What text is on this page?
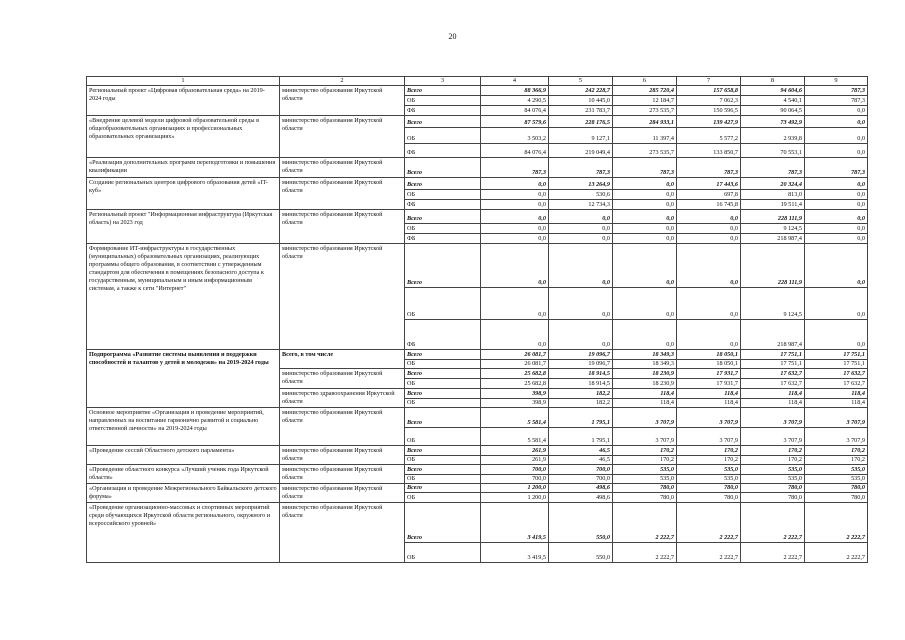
20
1	2	3	4	5	6	7	8	9
Региональный проект «Цифровая образовательная среда» на 2019-2024 годы	министерство образования Иркутской области	Всего	88 366,9	242 228,7	285 720,4	157 658,8	94 604,6	787,3
		ОБ	4 290,5	10 445,0	12 184,7	7 062,3	4 540,1	787,3
		ФБ	84 076,4	231 783,7	273 535,7	150 596,5	90 064,5	0,0
«Внедрение целевой модели цифровой образовательной среды в общеобразовательных организациях и профессиональных образовательных организациях»	министерство образования Иркутской области	Всего	87 579,6	228 176,5	284 933,1	139 427,9	73 492,9	0,0
		ОБ	3 503,2	9 127,1	11 397,4	5 577,2	2 939,8	0,0
		ФБ	84 076,4	219 049,4	273 535,7	133 850,7	70 553,1	0,0
«Реализация дополнительных программ переподготовки и повышения квалификации	министерство образования Иркутской области	Всего	787,3	787,3	787,3	787,3	787,3	787,3
Создание региональных центров цифрового образования детей «IT-куб»	министерство образования Иркутской области	Всего	0,0	13 264,9	0,0	17 443,6	20 324,4	0,0
		ОБ	0,0	530,6	0,0	697,8	813,0	0,0
		ФБ	0,0	12 734,3	0,0	16 745,8	19 511,4	0,0
Региональный проект "Информационная инфраструктура (Иркутская область) на 2023 год	министерство образования Иркутской области	Всего	0,0	0,0	0,0	0,0	228 111,9	0,0
		ОБ	0,0	0,0	0,0	0,0	9 124,5	0,0
		ФБ	0,0	0,0	0,0	0,0	218 987,4	0,0
Формирование ИТ-инфраструктуры в государственных (муниципальных) образовательных организациях, реализующих программы общего образования, в соответствии с утвержденным стандартом для обеспечения в помещениях безопасного доступа к государственным, муниципальным и иным информационным системам, а также к сети "Интернет"	министерство образования Иркутской области	Всего	0,0	0,0	0,0	0,0	228 111,9	0,0
		ОБ	0,0	0,0	0,0	0,0	9 124,5	0,0
		ФБ	0,0	0,0	0,0	0,0	218 987,4	0,0
Подпрограмма «Развитие системы выявления и поддержки способностей и талантов у детей и молодежи» на 2019-2024 годы	Всего, в том числе	Всего	26 081,7	19 096,7	18 349,3	18 050,1	17 751,1	17 751,1
		ОБ	26 081,7	19 096,7	18 349,3	18 050,1	17 751,1	17 751,1
	министерство образования Иркутской области	Всего	25 682,8	18 914,5	18 230,9	17 931,7	17 632,7	17 632,7
		ОБ	25 682,8	18 914,5	18 230,9	17 931,7	17 632,7	17 632,7
	министерство здравоохранения Иркутской области	Всего	398,9	182,2	118,4	118,4	118,4	118,4
		ОБ	398,9	182,2	118,4	118,4	118,4	118,4
Основное мероприятие «Организация и проведение мероприятий, направленных на воспитание гармонично развитой и социально ответственной личности» на 2019-2024 годы	министерство образования Иркутской области	Всего	5 581,4	1 795,1	3 707,9	3 707,9	3 707,9	3 707,9
		ОБ	5 581,4	1 795,1	3 707,9	3 707,9	3 707,9	3 707,9
«Проведение сессий Областного детского парламента»	министерство образования Иркутской области	Всего	261,9	46,5	170,2	170,2	170,2	170,2
		ОБ	261,9	46,5	170,2	170,2	170,2	170,2
«Проведение областного конкурса «Лучший ученик года Иркутской области»	министерство образования Иркутской области	Всего	700,0	700,0	535,0	535,0	535,0	535,0
		ОБ	700,0	700,0	535,0	535,0	535,0	535,0
«Организация и проведение Межрегионального Байкальского детского форума»	министерство образования Иркутской области	Всего	1 200,0	498,6	780,0	780,0	780,0	780,0
		ОБ	1 200,0	498,6	780,0	780,0	780,0	780,0
«Проведение организационно-массовых и спортивных мероприятий среди обучающихся Иркутской области регионального, окружного и всероссийского уровней»	министерство образования Иркутской области	Всего	3 419,5	550,0	2 222,7	2 222,7	2 222,7	2 222,7
		ОБ	3 419,5	550,0	2 222,7	2 222,7	2 222,7	2 222,7
